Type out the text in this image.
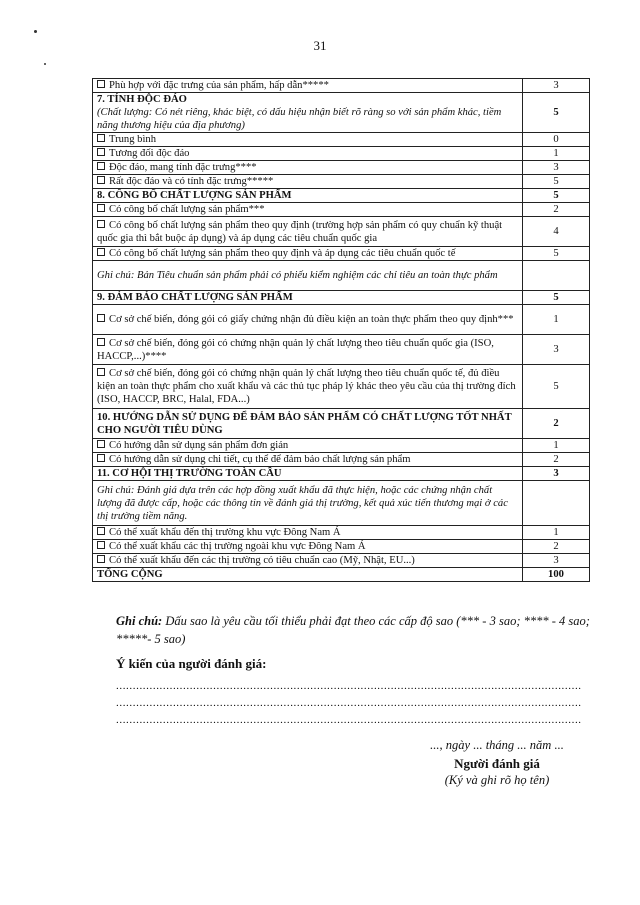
31
Phù hợp với đặc trưng của sản phẩm, hấp dẫn*****	3
7. TÍNH ĐỘC ĐÁO
(Chất lượng: Có nét riêng, khác biệt, có dấu hiệu nhận biết rõ ràng so với sản phẩm khác, tiềm năng thương hiệu của địa phương)	5
Trung bình	0
Tương đối độc đáo	1
Độc đáo, mang tính đặc trưng****	3
Rất độc đáo và có tính đặc trưng*****	5
8. CÔNG BỐ CHẤT LƯỢNG SẢN PHẨM	5
Có công bố chất lượng sản phẩm***	2
Có công bố chất lượng sản phẩm theo quy định (trường hợp sản phẩm có quy chuẩn kỹ thuật quốc gia thì bắt buộc áp dụng) và áp dụng các tiêu chuẩn quốc gia	4
Có công bố chất lượng sản phẩm theo quy định và áp dụng các tiêu chuẩn quốc tế	5
Ghi chú: Bản Tiêu chuẩn sản phẩm phải có phiếu kiểm nghiệm các chỉ tiêu an toàn thực phẩm	
9. ĐẢM BẢO CHẤT LƯỢNG SẢN PHẨM	5
Cơ sở chế biến, đóng gói có giấy chứng nhận đủ điều kiện an toàn thực phẩm theo quy định***	1
Cơ sở chế biến, đóng gói có chứng nhận quản lý chất lượng theo tiêu chuẩn quốc gia (ISO, HACCP,...)****	3
Cơ sở chế biến, đóng gói có chứng nhận quản lý chất lượng theo tiêu chuẩn quốc tế, đủ điều kiện an toàn thực phẩm cho xuất khẩu và các thủ tục pháp lý khác theo yêu cầu của thị trường đích (ISO, HACCP, BRC, Halal, FDA...)	5
10. HƯỚNG DẪN SỬ DỤNG ĐỂ ĐẢM BẢO SẢN PHẨM CÓ CHẤT LƯỢNG TỐT NHẤT CHO NGƯỜI TIÊU DÙNG	2
Có hướng dẫn sử dụng sản phẩm đơn giản	1
Có hướng dẫn sử dụng chi tiết, cụ thể để đảm bảo chất lượng sản phẩm	2
11. CƠ HỘI THỊ TRƯỜNG TOÀN CẦU	3
Ghi chú: Đánh giá dựa trên các hợp đồng xuất khẩu đã thực hiện, hoặc các chứng nhận chất lượng đã được cấp, hoặc các thông tin về đánh giá thị trường, kết quả xúc tiến thương mại ở các thị trường tiềm năng.	
Có thể xuất khẩu đến thị trường khu vực Đông Nam Á	1
Có thể xuất khẩu các thị trường ngoài khu vực Đông Nam Á	2
Có thể xuất khẩu đến các thị trường có tiêu chuẩn cao (Mỹ, Nhật, EU...)	3
TỔNG CỘNG	100
Ghi chú: Dấu sao là yêu cầu tối thiểu phải đạt theo các cấp độ sao (*** - 3 sao; **** - 4 sao; *****- 5 sao)
Ý kiến của người đánh giá:
...........................................................................................................................................
...........................................................................................................................................
...........................................................................................................................................
..., ngày ... tháng ... năm ...
Người đánh giá
(Ký và ghi rõ họ tên)
